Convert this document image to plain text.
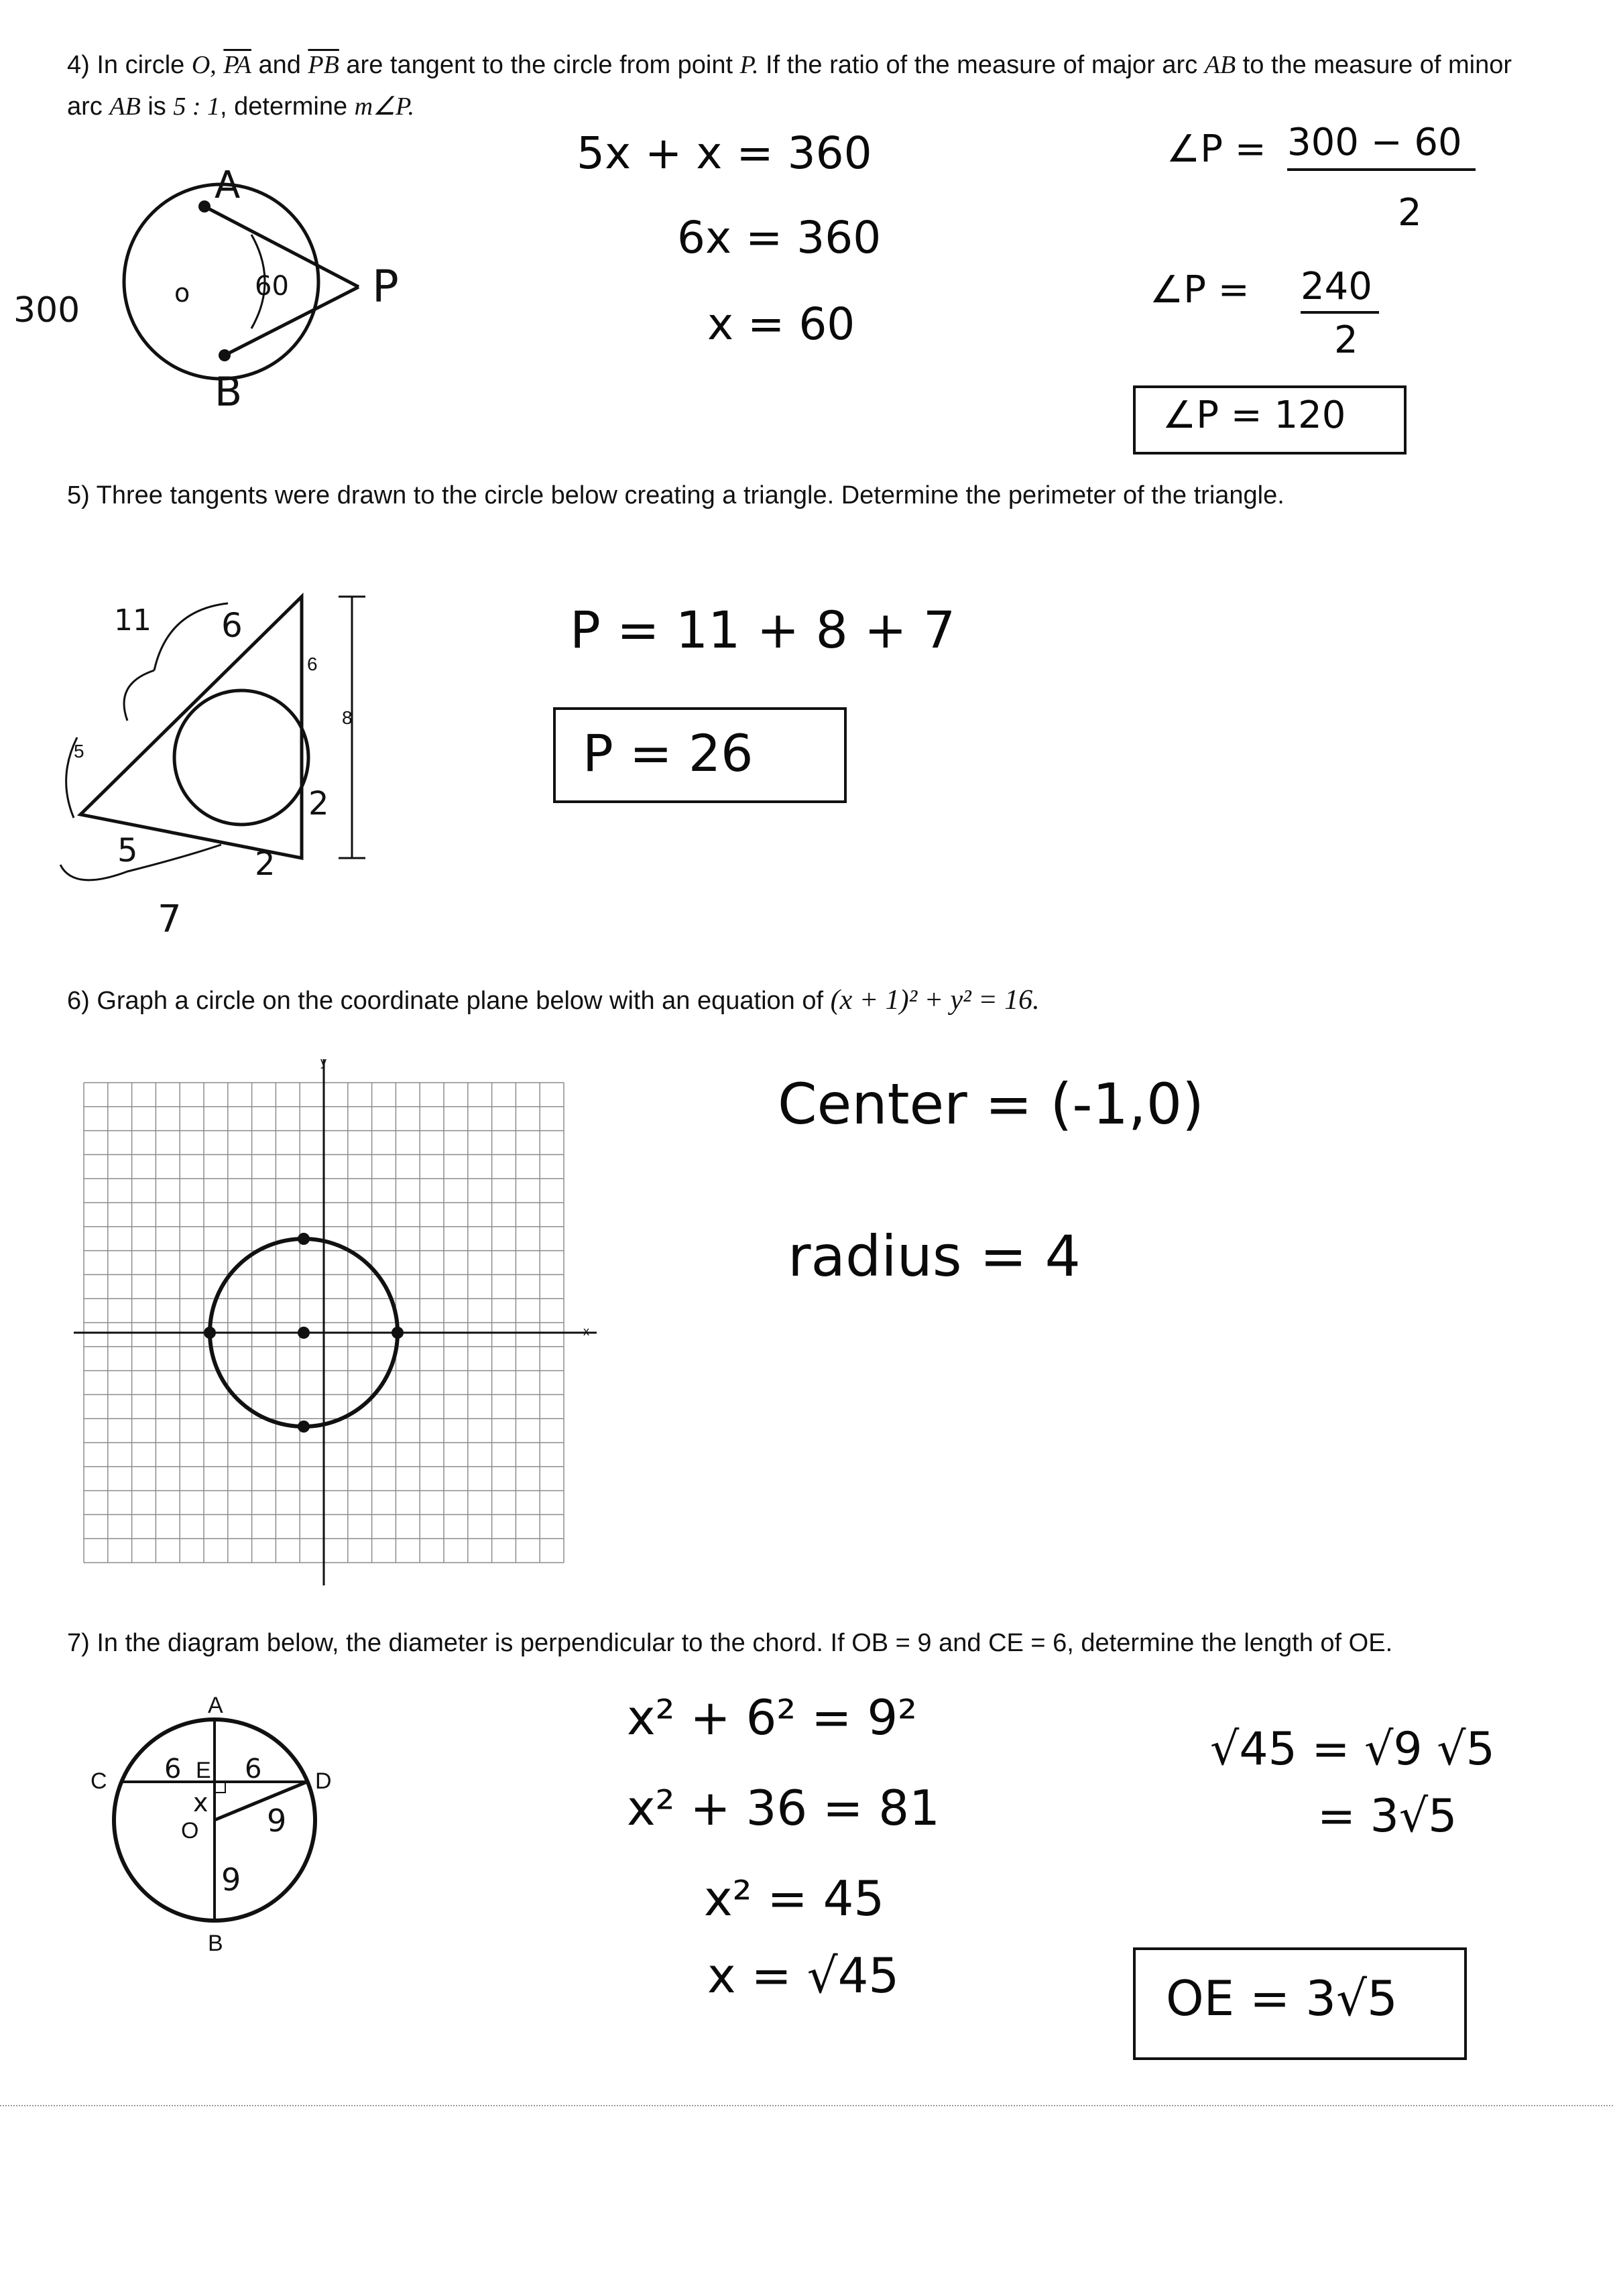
4) In circle O, $\overline{PA}$ and $\overline{PB}$ are tangent to the circle from point P. If the ratio of the measure of major arc AB to the measure of minor arc AB is 5 : 1, determine m∠P.

A
B
P
o
300
60

5x + x = 360

6x = 360

x = 60

∠P = 300 − 60

2

∠P = 240

2

∠P = 120

5) Three tangents were drawn to the circle below creating a triangle. Determine the perimeter of the triangle.

6
8
5
11 6
5
2
2
7

P = 11 + 8 + 7

P = 26

6) Graph a circle on the coordinate plane below with an equation of (x + 1)² + y² = 16.

x
y

Center = (-1,0)

radius = 4

7) In the diagram below, the diameter is perpendicular to the chord. If OB = 9 and CE = 6, determine the length of OE.

A
B
C	D
E
O
6 6
x 9
9

x² + 6² = 9²

x² + 36 = 81

x² = 45

x = √45

√45 = √9 √5

= 3√5

OE = 3√5
